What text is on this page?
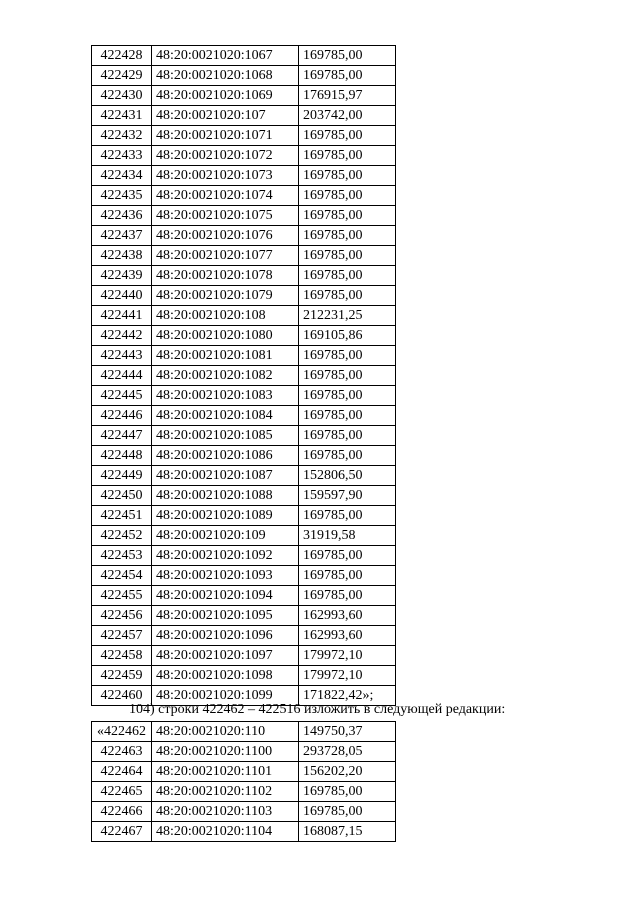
422428	48:20:0021020:1067	169785,00
422429	48:20:0021020:1068	169785,00
422430	48:20:0021020:1069	176915,97
422431	48:20:0021020:107	203742,00
422432	48:20:0021020:1071	169785,00
422433	48:20:0021020:1072	169785,00
422434	48:20:0021020:1073	169785,00
422435	48:20:0021020:1074	169785,00
422436	48:20:0021020:1075	169785,00
422437	48:20:0021020:1076	169785,00
422438	48:20:0021020:1077	169785,00
422439	48:20:0021020:1078	169785,00
422440	48:20:0021020:1079	169785,00
422441	48:20:0021020:108	212231,25
422442	48:20:0021020:1080	169105,86
422443	48:20:0021020:1081	169785,00
422444	48:20:0021020:1082	169785,00
422445	48:20:0021020:1083	169785,00
422446	48:20:0021020:1084	169785,00
422447	48:20:0021020:1085	169785,00
422448	48:20:0021020:1086	169785,00
422449	48:20:0021020:1087	152806,50
422450	48:20:0021020:1088	159597,90
422451	48:20:0021020:1089	169785,00
422452	48:20:0021020:109	31919,58
422453	48:20:0021020:1092	169785,00
422454	48:20:0021020:1093	169785,00
422455	48:20:0021020:1094	169785,00
422456	48:20:0021020:1095	162993,60
422457	48:20:0021020:1096	162993,60
422458	48:20:0021020:1097	179972,10
422459	48:20:0021020:1098	179972,10
422460	48:20:0021020:1099	171822,42»;
104) строки 422462 – 422516 изложить в следующей редакции:
«422462	48:20:0021020:110	149750,37
422463	48:20:0021020:1100	293728,05
422464	48:20:0021020:1101	156202,20
422465	48:20:0021020:1102	169785,00
422466	48:20:0021020:1103	169785,00
422467	48:20:0021020:1104	168087,15
